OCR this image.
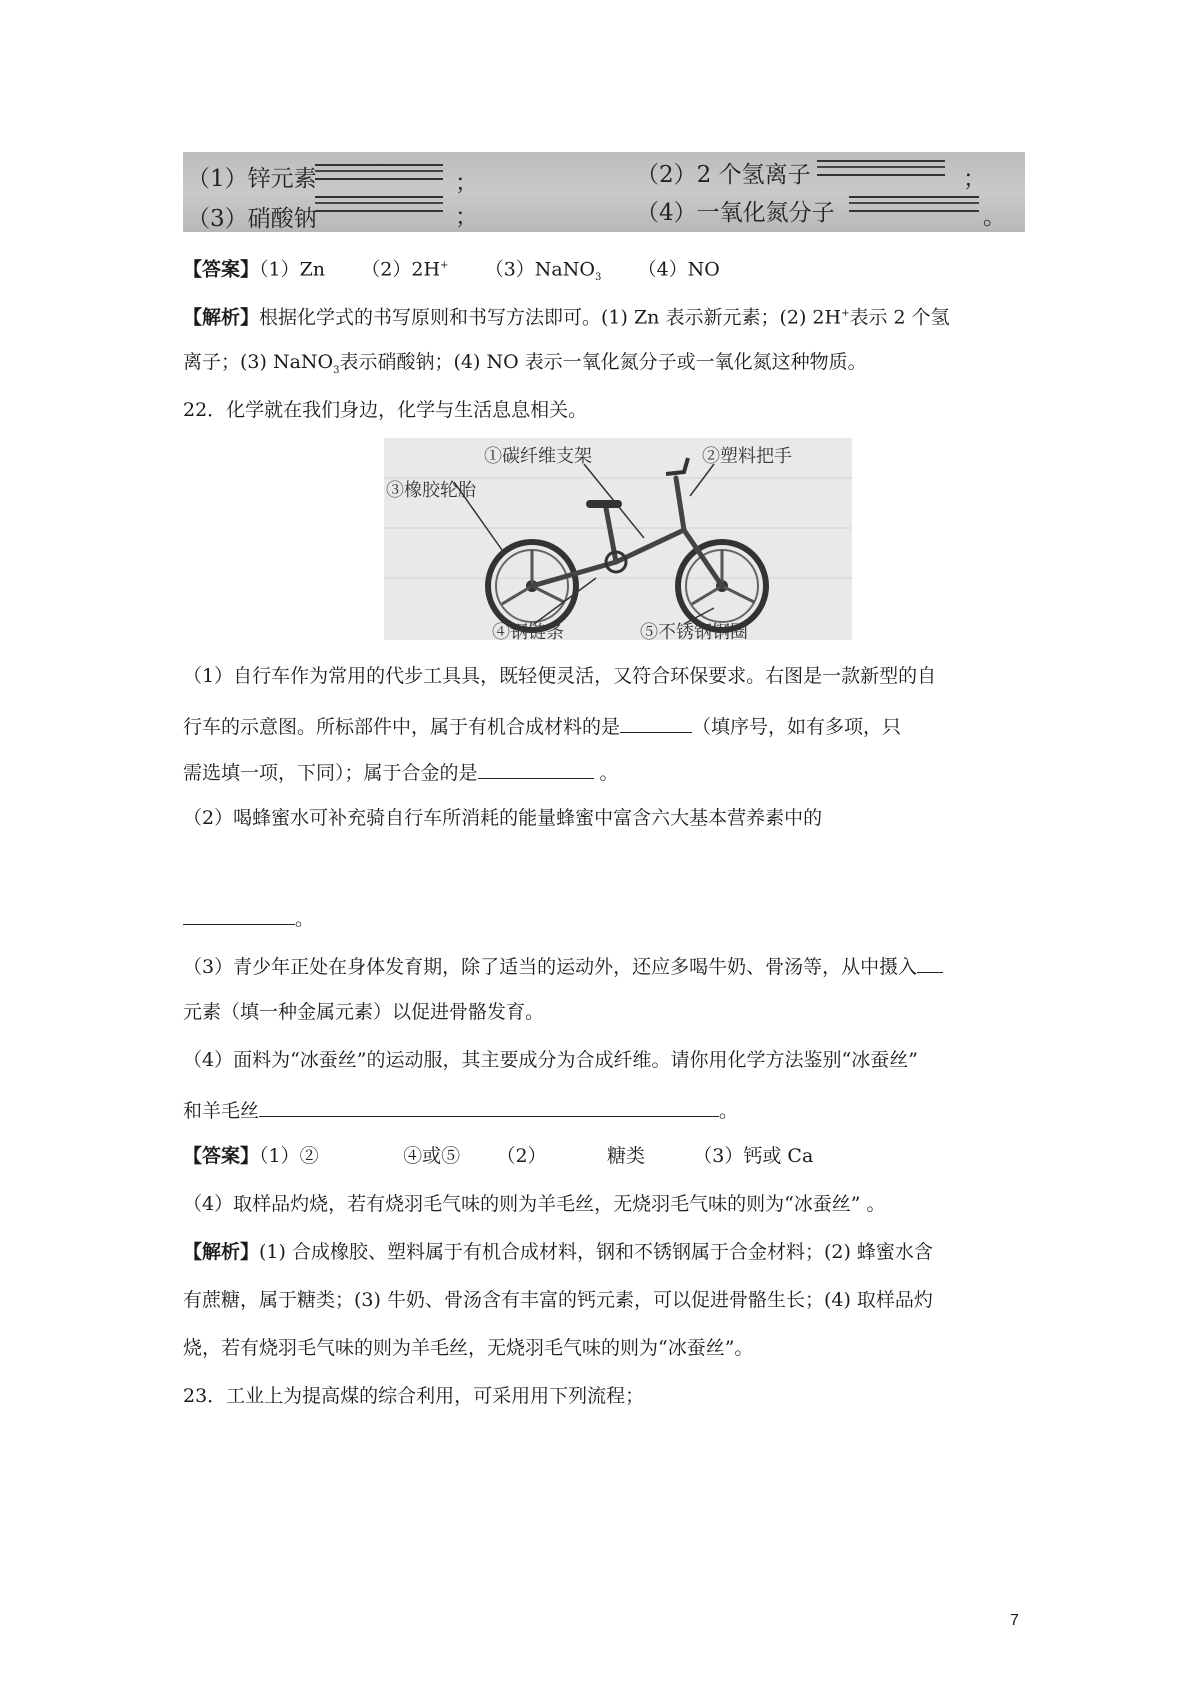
（1）锌元素	；	（2）2 个氢离子	；
（3）硝酸钠	；	（4）一氧化氮分子	。
【答案】（1）Zn （2）2H+ （3）NaNO$_3$ （4）NO
【解析】根据化学式的书写原则和书写方法即可。(1) Zn 表示新元素；(2) 2H+表示 2 个氢
离子；(3) NaNO$_3$表示硝酸钠；(4) NO 表示一氧化氮分子或一氧化氮这种物质。
22．化学就在我们身边，化学与生活息息相关。
①碳纤维支架	②塑料把手
③橡胶轮胎
④钢链条	⑤不锈钢钢圈
（1）自行车作为常用的代步工具具，既轻便灵活，又符合环保要求。右图是一款新型的自
行车的示意图。所标部件中，属于有机合成材料的是	（填序号，如有多项，只
需选填一项，下同）；属于合金的是	。
（2）喝蜂蜜水可补充骑自行车所消耗的能量蜂蜜中富含六大基本营养素中的
。
（3）青少年正处在身体发育期，除了适当的运动外，还应多喝牛奶、骨汤等，从中摄入
元素（填一种金属元素）以促进骨骼发育。
（4）面料为“冰蚕丝”的运动服，其主要成分为合成纤维。请你用化学方法鉴别“冰蚕丝”
和羊毛丝	。
【答案】（1）②	④或⑤ （2）	糖类	（3）钙或 Ca
（4）取样品灼烧，若有烧羽毛气味的则为羊毛丝，无烧羽毛气味的则为“冰蚕丝” 。
【解析】(1) 合成橡胶、塑料属于有机合成材料，钢和不锈钢属于合金材料；(2) 蜂蜜水含
有蔗糖，属于糖类；(3) 牛奶、骨汤含有丰富的钙元素，可以促进骨骼生长；(4) 取样品灼
烧，若有烧羽毛气味的则为羊毛丝，无烧羽毛气味的则为“冰蚕丝”。
23．工业上为提高煤的综合利用，可采用用下列流程；
7
